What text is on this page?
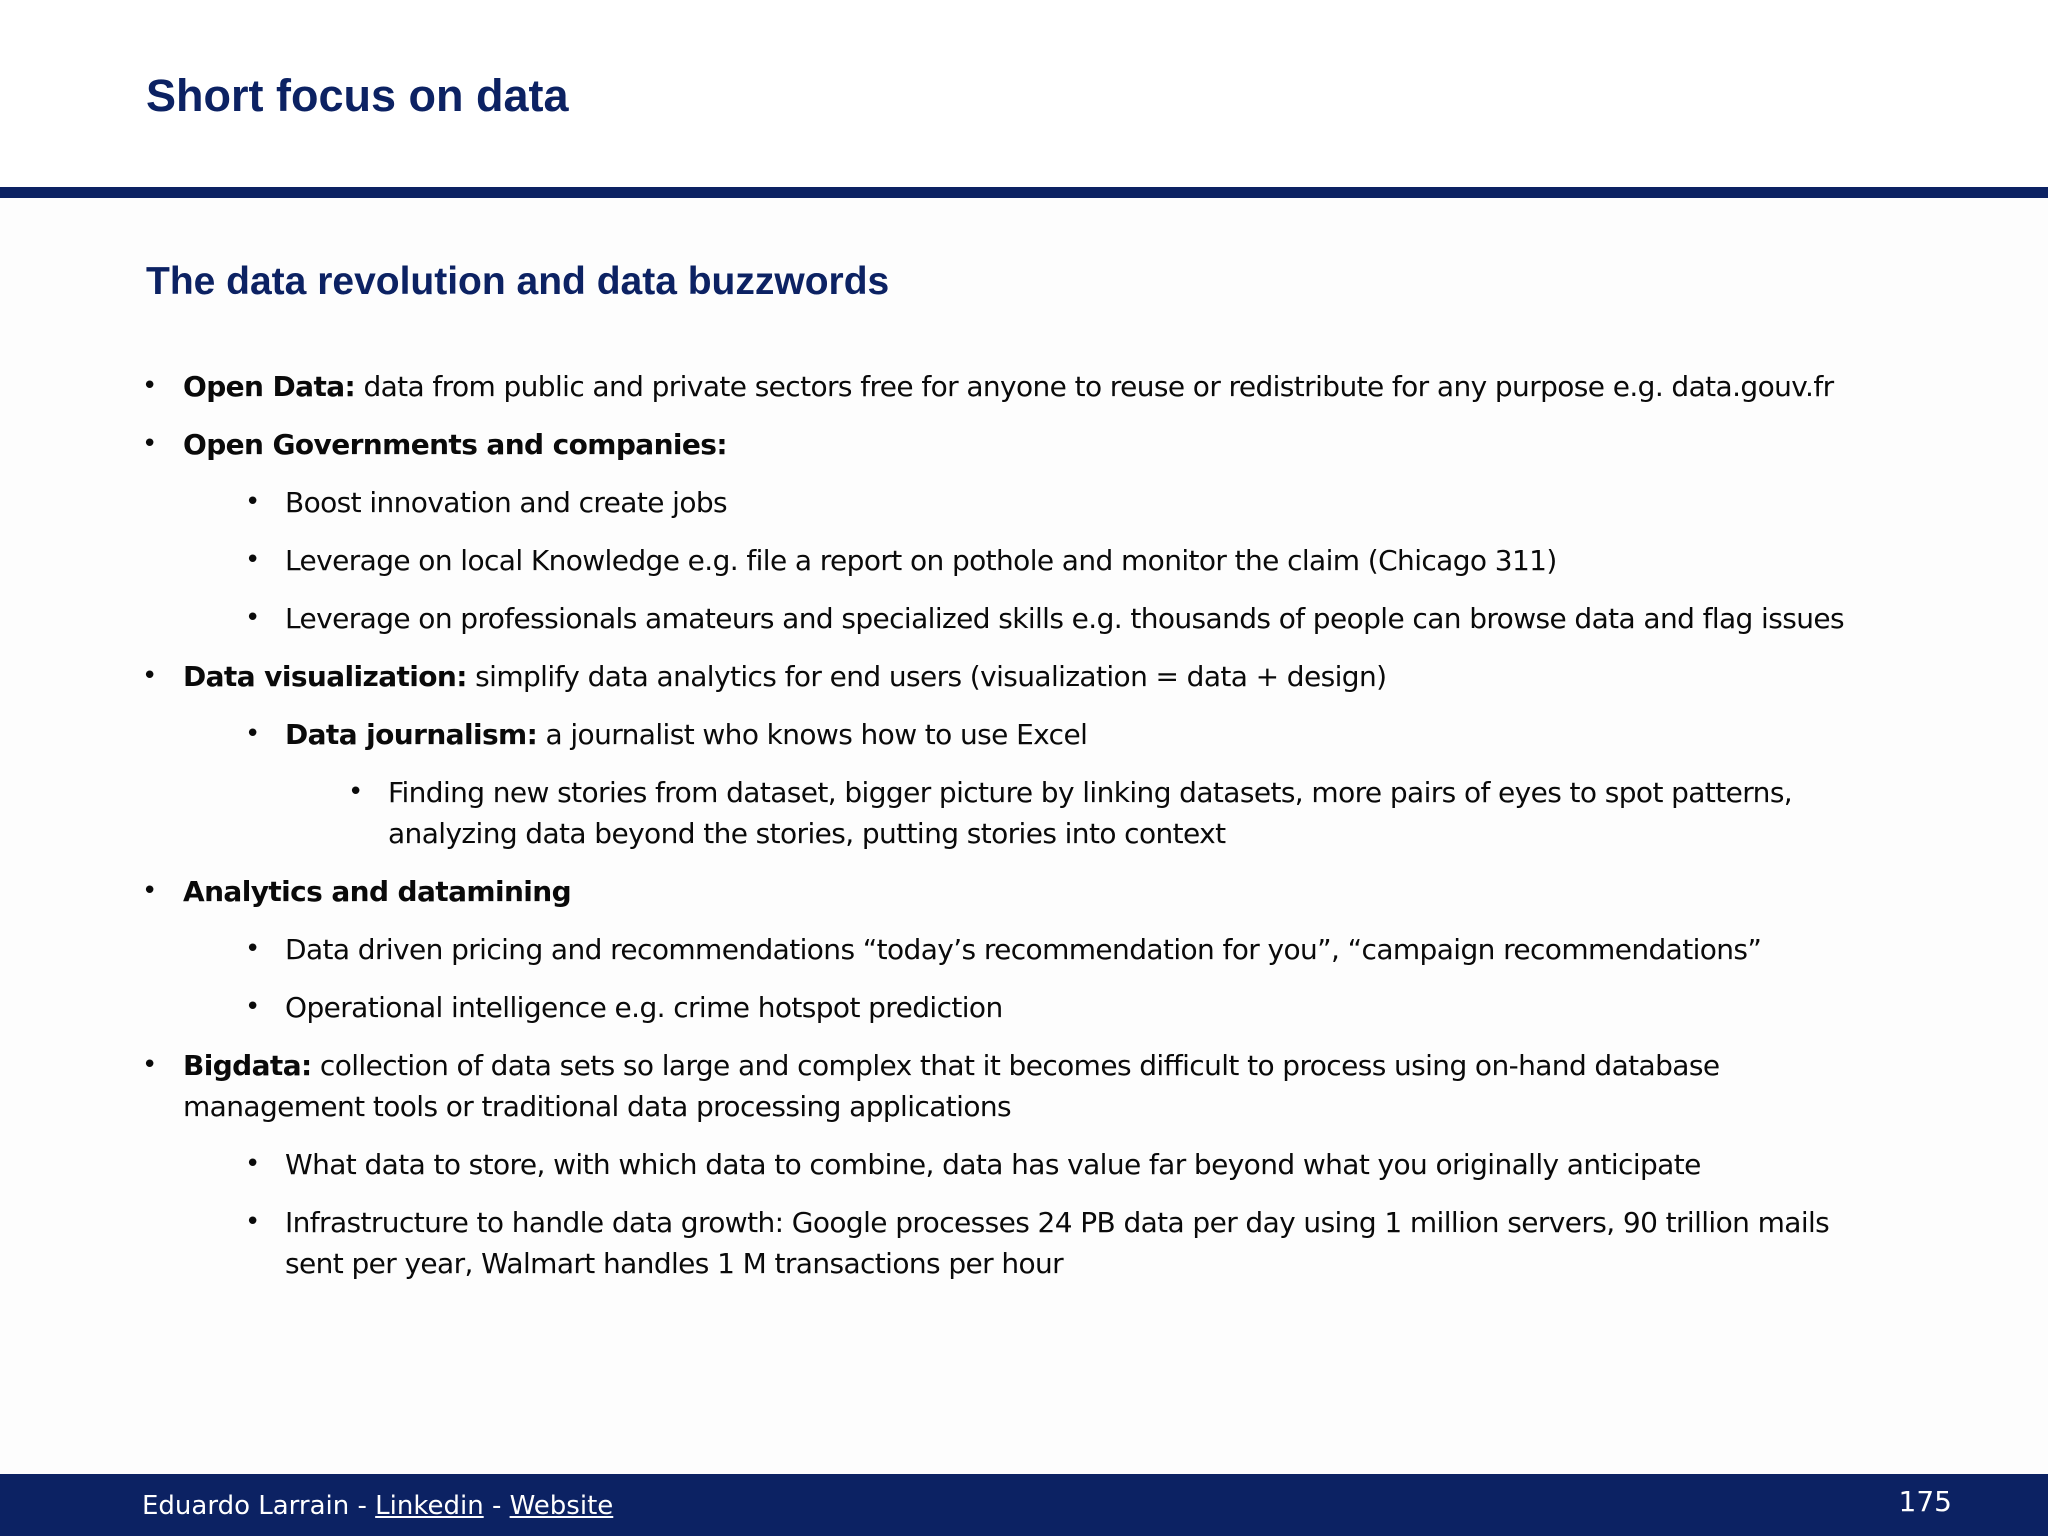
Short focus on data
The data revolution and data buzzwords
• Open Data: data from public and private sectors free for anyone to reuse or redistribute for any purpose e.g. data.gouv.fr
• Open Governments and companies:
• Boost innovation and create jobs
• Leverage on local Knowledge e.g. file a report on pothole and monitor the claim (Chicago 311)
• Leverage on professionals amateurs and specialized skills e.g. thousands of people can browse data and flag issues
• Data visualization: simplify data analytics for end users (visualization = data + design)
• Data journalism: a journalist who knows how to use Excel
• Finding new stories from dataset, bigger picture by linking datasets, more pairs of eyes to spot patterns,
analyzing data beyond the stories, putting stories into context
• Analytics and datamining
• Data driven pricing and recommendations “today’s recommendation for you”, “campaign recommendations”
• Operational intelligence e.g. crime hotspot prediction
• Bigdata: collection of data sets so large and complex that it becomes difficult to process using on-hand database
management tools or traditional data processing applications
• What data to store, with which data to combine, data has value far beyond what you originally anticipate
• Infrastructure to handle data growth: Google processes 24 PB data per day using 1 million servers, 90 trillion mails
sent per year, Walmart handles 1 M transactions per hour
Eduardo Larrain - Linkedin - Website	175
